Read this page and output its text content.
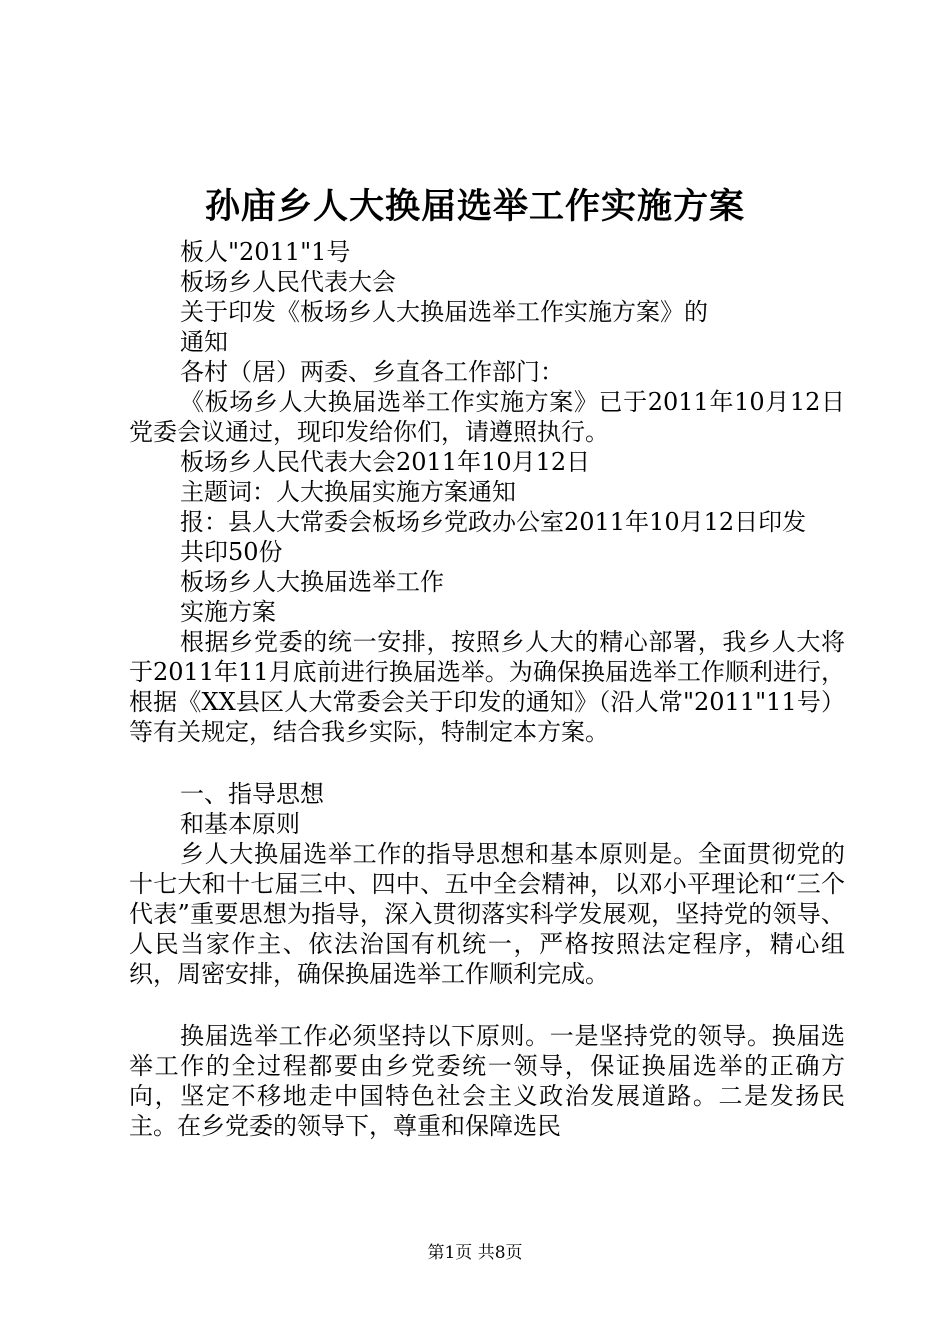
孙庙乡人大换届选举工作实施方案

板人"2011"1号

板场乡人民代表大会

关于印发《板场乡人大换届选举工作实施方案》的

通知

各村（居）两委、乡直各工作部门：

《板场乡人大换届选举工作实施方案》已于2011年10月12日党委会议通过，现印发给你们，请遵照执行。

板场乡人民代表大会2011年10月12日

主题词：人大换届实施方案通知

报：县人大常委会板场乡党政办公室2011年10月12日印发

共印50份

板场乡人大换届选举工作

实施方案

根据乡党委的统一安排，按照乡人大的精心部署，我乡人大将于2011年11月底前进行换届选举。为确保换届选举工作顺利进行，根据《XX县区人大常委会关于印发的通知》（沿人常"2011"11号）等有关规定，结合我乡实际，特制定本方案。

一、指导思想

和基本原则

乡人大换届选举工作的指导思想和基本原则是。全面贯彻党的十七大和十七届三中、四中、五中全会精神，以邓小平理论和“三个代表”重要思想为指导，深入贯彻落实科学发展观，坚持党的领导、人民当家作主、依法治国有机统一，严格按照法定程序，精心组织，周密安排，确保换届选举工作顺利完成。

换届选举工作必须坚持以下原则。一是坚持党的领导。换届选举工作的全过程都要由乡党委统一领导，保证换届选举的正确方向，坚定不移地走中国特色社会主义政治发展道路。二是发扬民主。在乡党委的领导下，尊重和保障选民

第1页 共8页
